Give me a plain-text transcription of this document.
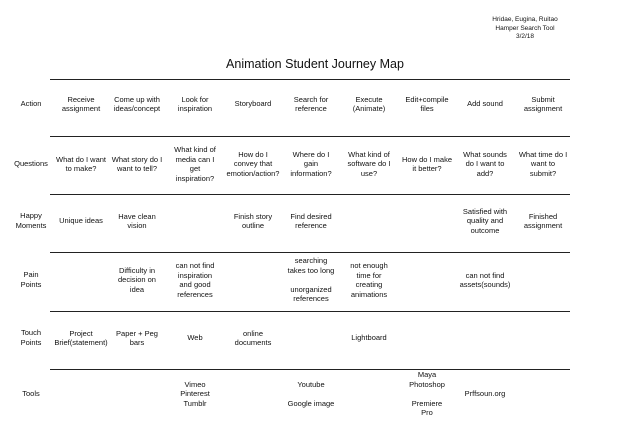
Hridae, Eugina, Ruitao
Hamper Search Tool
3/2/18
Animation Student Journey Map
Action	Receive
assignment
Come up with
ideas/concept
Look for
inspiration
Storyboard
Search for
reference
Execute
(Animate)
Edit+compile
files
Add sound
Submit
assignment
Questions	What do I want
to make?
What story do I
want to tell?
What kind of
media can I
get
inspiration?
How do I
convey that
emotion/action?
Where do I
gain
information?
What kind of
software do I
use?
How do I make
it better?
What sounds
do I want to
add?
What time do I
want to
submit?
Happy
Moments
Unique ideas
Have clean
vision
Finish story
outline
Find desired
reference
Satisfied with
quality and
outcome
Finished
assignment
Pain
Points
Difficulty in
decision on
idea
can not find
inspiration
and good
references
searching
takes too long
unorganized
references
not enough
time for
creating
animations
can not find
assets(sounds)
Touch
Points
Project
Brief(statement)
Paper + Peg
bars
Web
online
documents
Lightboard
Tools
Vimeo
Pinterest
Tumblr
Youtube
Google image
Maya
Photoshop
Premiere
Pro
Prffsoun.org
